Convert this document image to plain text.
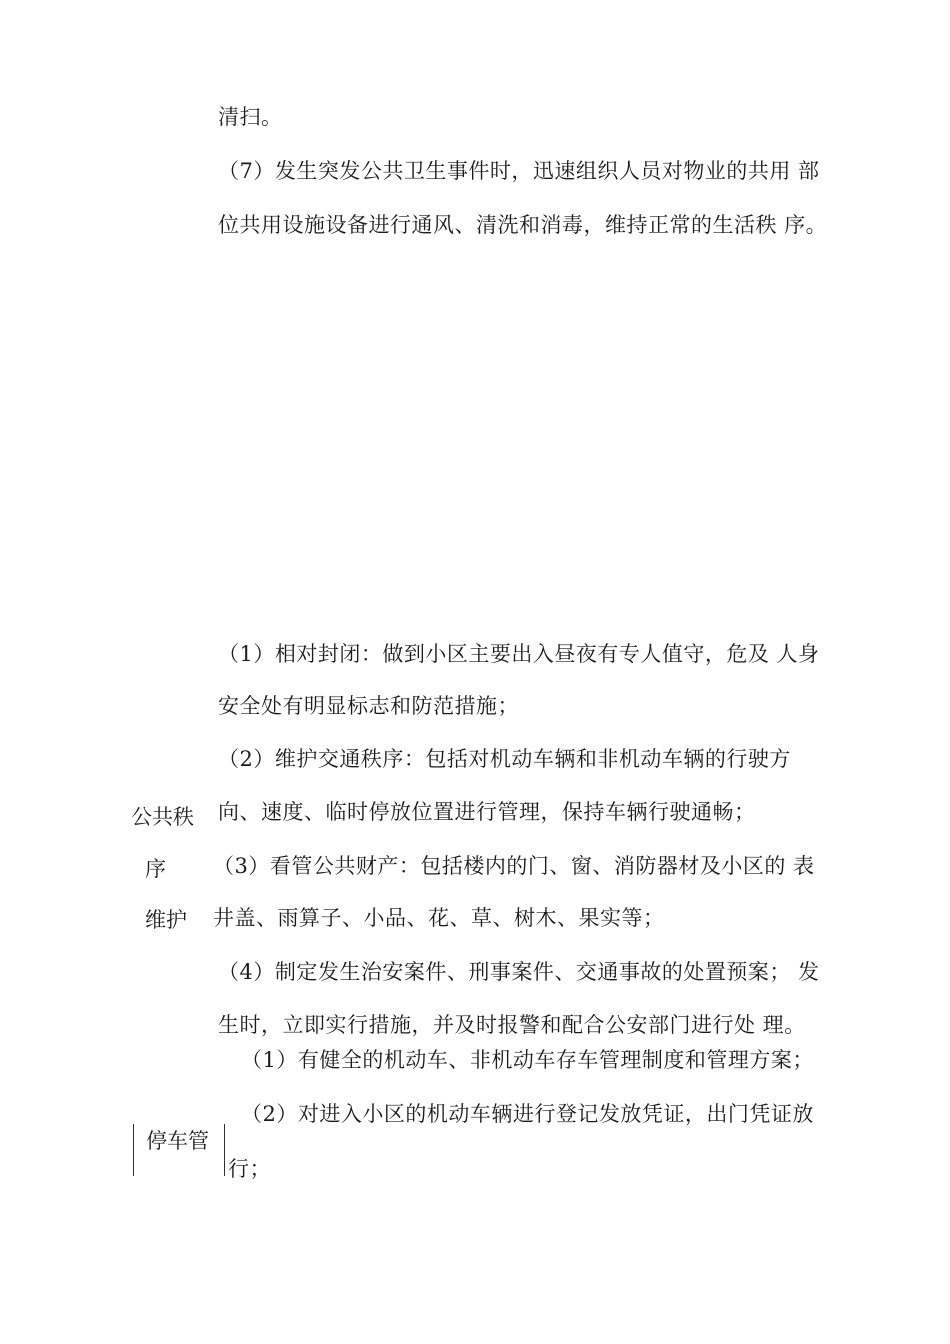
清扫。
（7）发生突发公共卫生事件时，迅速组织人员对物业的共用 部
位共用设施设备进行通风、清洗和消毒，维持正常的生活秩 序。
公共秩
序
维护
（1）相对封闭：做到小区主要出入昼夜有专人值守，危及 人身
安全处有明显标志和防范措施；
（2）维护交通秩序：包括对机动车辆和非机动车辆的行驶方
向、速度、临时停放位置进行管理，保持车辆行驶通畅；
（3）看管公共财产：包括楼内的门、窗、消防器材及小区的 表
井盖、雨算子、小品、花、草、树木、果实等；
（4）制定发生治安案件、刑事案件、交通事故的处置预案； 发
生时，立即实行措施，并及时报警和配合公安部门进行处 理。
（1）有健全的机动车、非机动车存车管理制度和管理方案；
（2）对进入小区的机动车辆进行登记发放凭证，出门凭证放
停车管
行；
